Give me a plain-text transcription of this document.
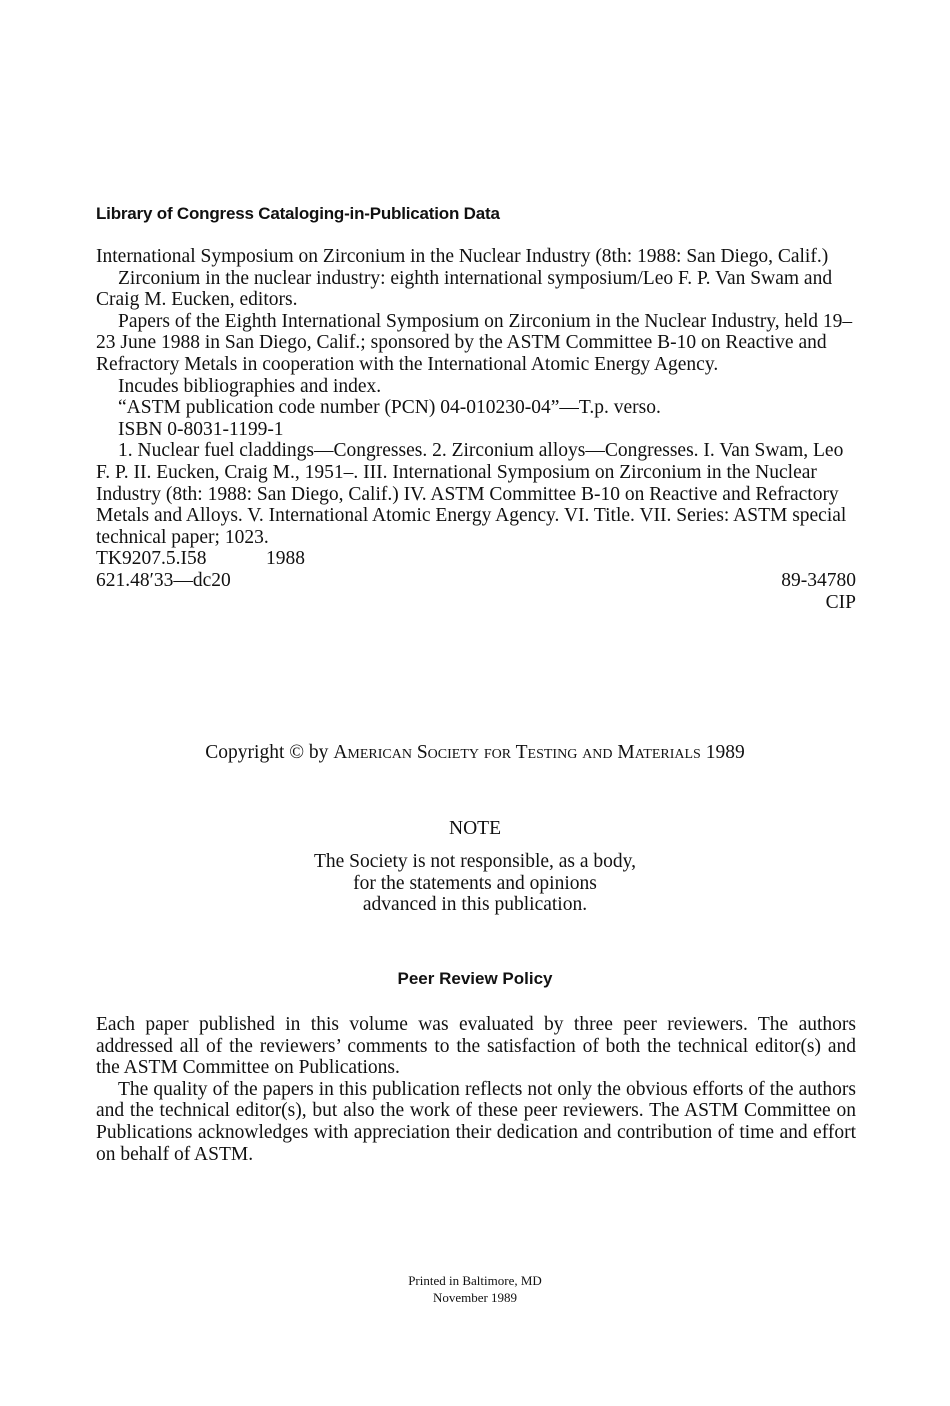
Library of Congress Cataloging-in-Publication Data

International Symposium on Zirconium in the Nuclear Industry (8th: 1988: San Diego, Calif.)

Zirconium in the nuclear industry: eighth international symposium/Leo F. P. Van Swam and Craig M. Eucken, editors.

Papers of the Eighth International Symposium on Zirconium in the Nuclear Industry, held 19–23 June 1988 in San Diego, Calif.; sponsored by the ASTM Committee B-10 on Reactive and Refractory Metals in cooperation with the International Atomic Energy Agency.

Incudes bibliographies and index.

“ASTM publication code number (PCN) 04-010230-04”—T.p. verso.

ISBN 0-8031-1199-1

1. Nuclear fuel claddings—Congresses. 2. Zirconium alloys—Congresses. I. Van Swam, Leo F. P. II. Eucken, Craig M., 1951–. III. International Symposium on Zirconium in the Nuclear Industry (8th: 1988: San Diego, Calif.) IV. ASTM Committee B-10 on Reactive and Refractory Metals and Alloys. V. International Atomic Energy Agency. VI. Title. VII. Series: ASTM special technical paper; 1023.

TK9207.5.I58	1988
621.48′33—dc20	89-34780
CIP
Copyright © by American Society for Testing and Materials 1989
NOTE
The Society is not responsible, as a body,
for the statements and opinions
advanced in this publication.
Peer Review Policy

Each paper published in this volume was evaluated by three peer reviewers. The authors addressed all of the reviewers’ comments to the satisfaction of both the technical editor(s) and the ASTM Committee on Publications.

The quality of the papers in this publication reflects not only the obvious efforts of the authors and the technical editor(s), but also the work of these peer reviewers. The ASTM Committee on Publications acknowledges with appreciation their dedication and contribution of time and effort on behalf of ASTM.

Printed in Baltimore, MD
November 1989
